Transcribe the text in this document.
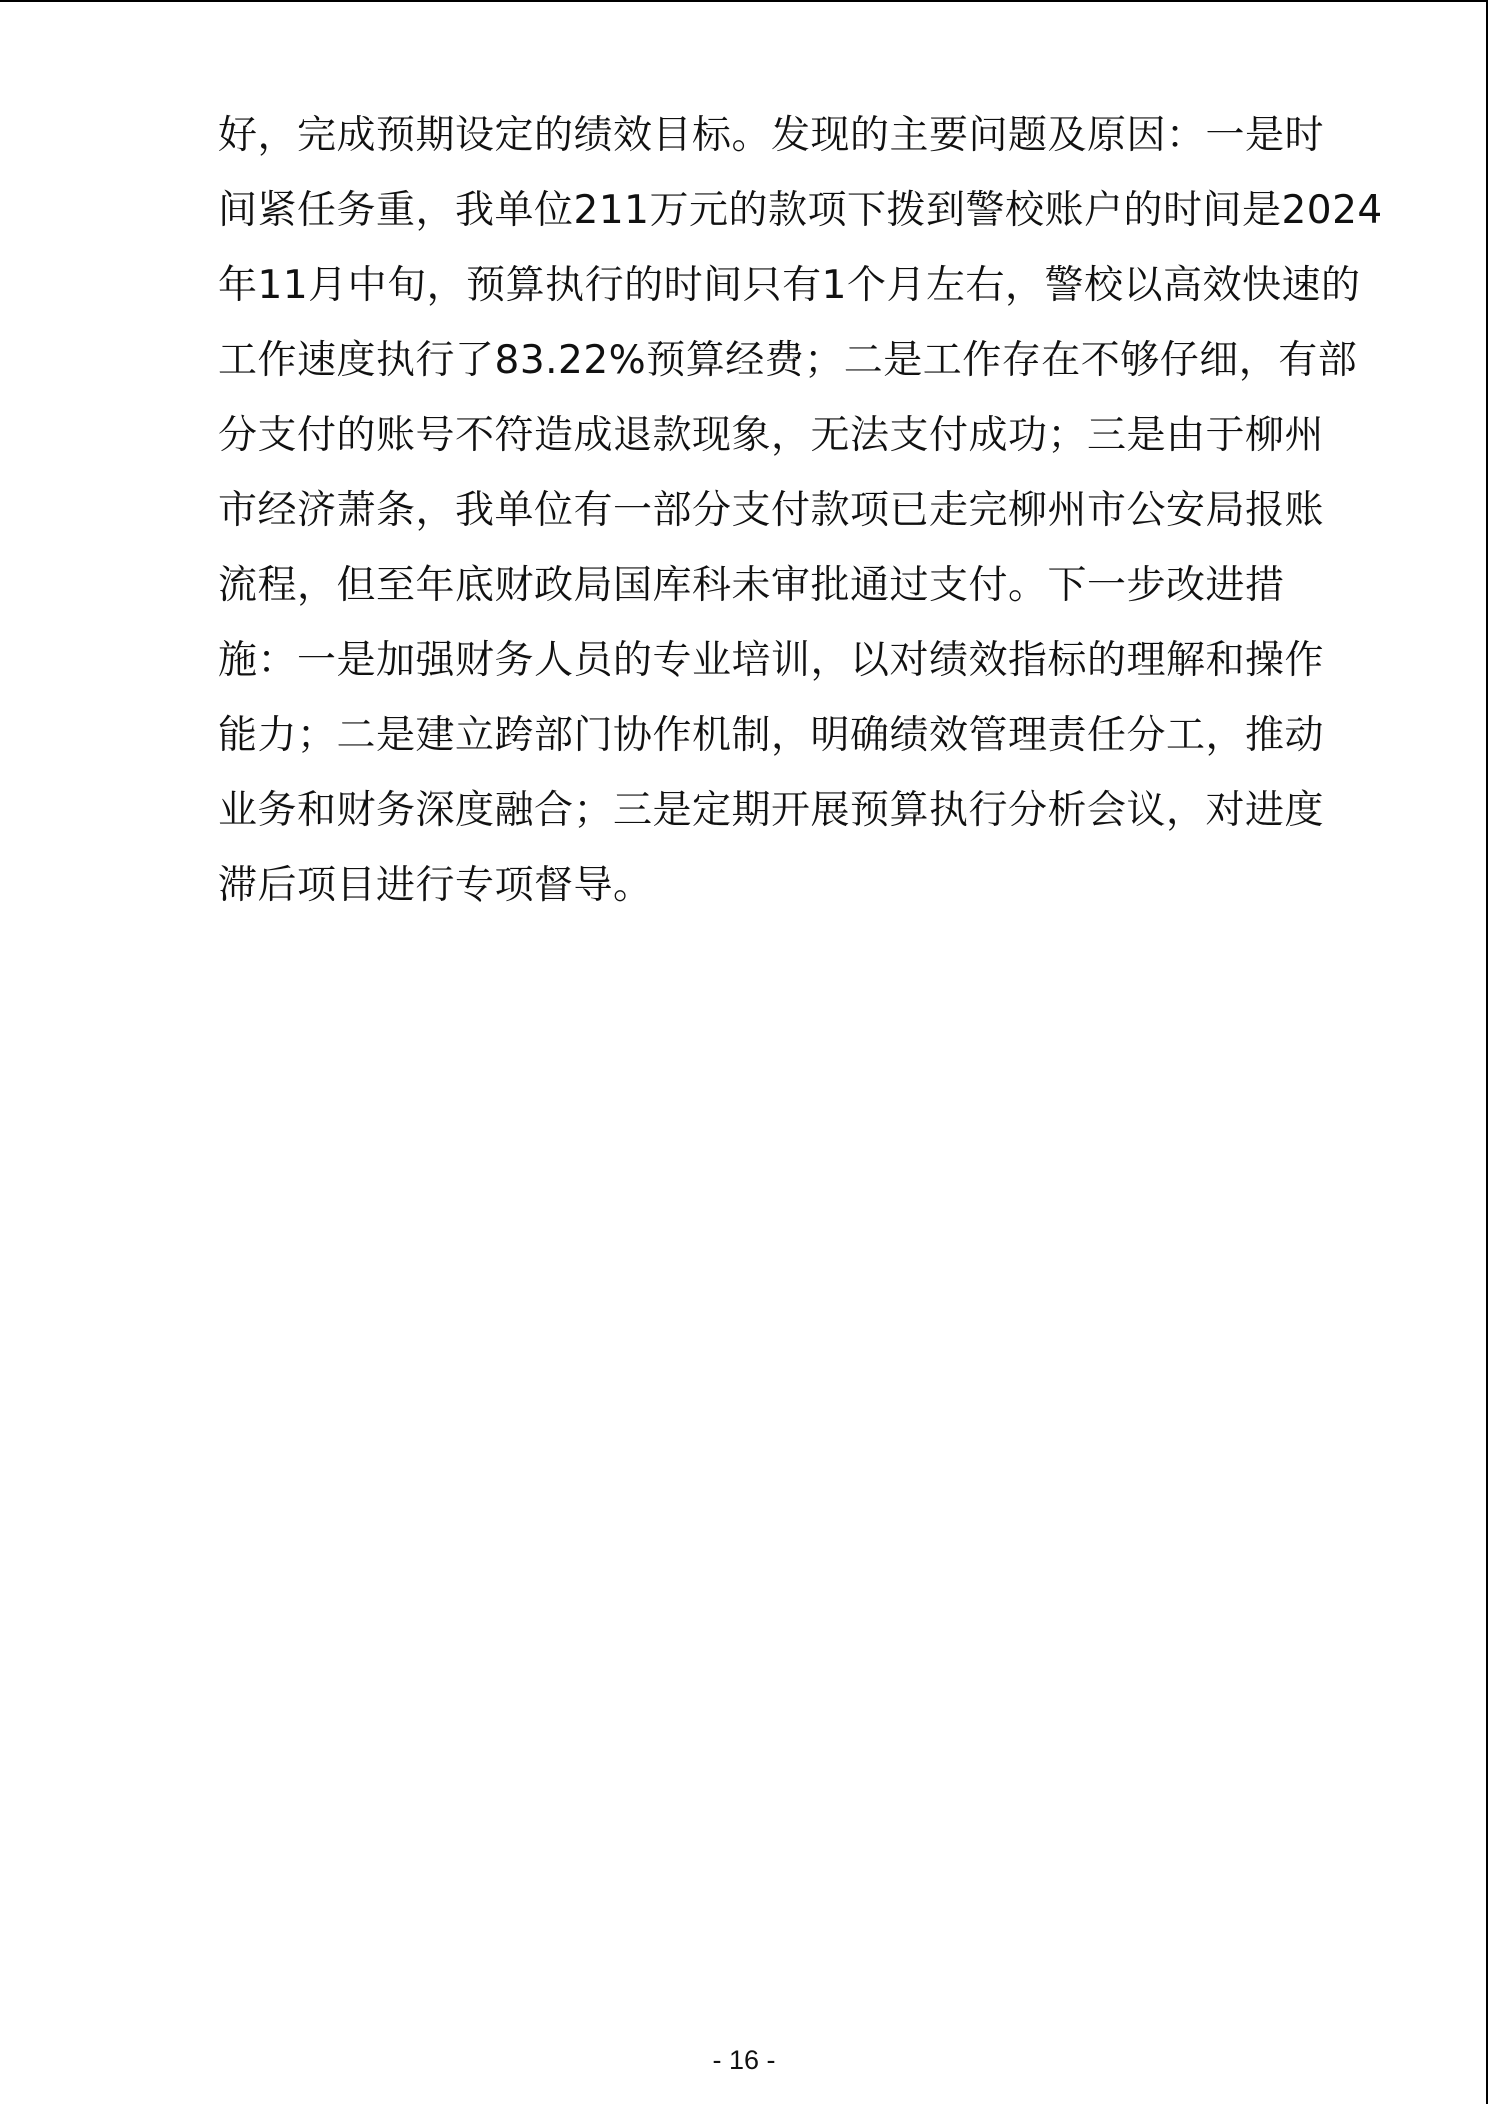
好，完成预期设定的绩效目标。发现的主要问题及原因：一是时
间紧任务重，我单位211万元的款项下拨到警校账户的时间是2024
年11月中旬，预算执行的时间只有1个月左右，警校以高效快速的
工作速度执行了83.22%预算经费；二是工作存在不够仔细，有部
分支付的账号不符造成退款现象，无法支付成功；三是由于柳州
市经济萧条，我单位有一部分支付款项已走完柳州市公安局报账
流程，但至年底财政局国库科未审批通过支付。下一步改进措
施：一是加强财务人员的专业培训，以对绩效指标的理解和操作
能力；二是建立跨部门协作机制，明确绩效管理责任分工，推动
业务和财务深度融合；三是定期开展预算执行分析会议，对进度
滞后项目进行专项督导。
- 16 -
